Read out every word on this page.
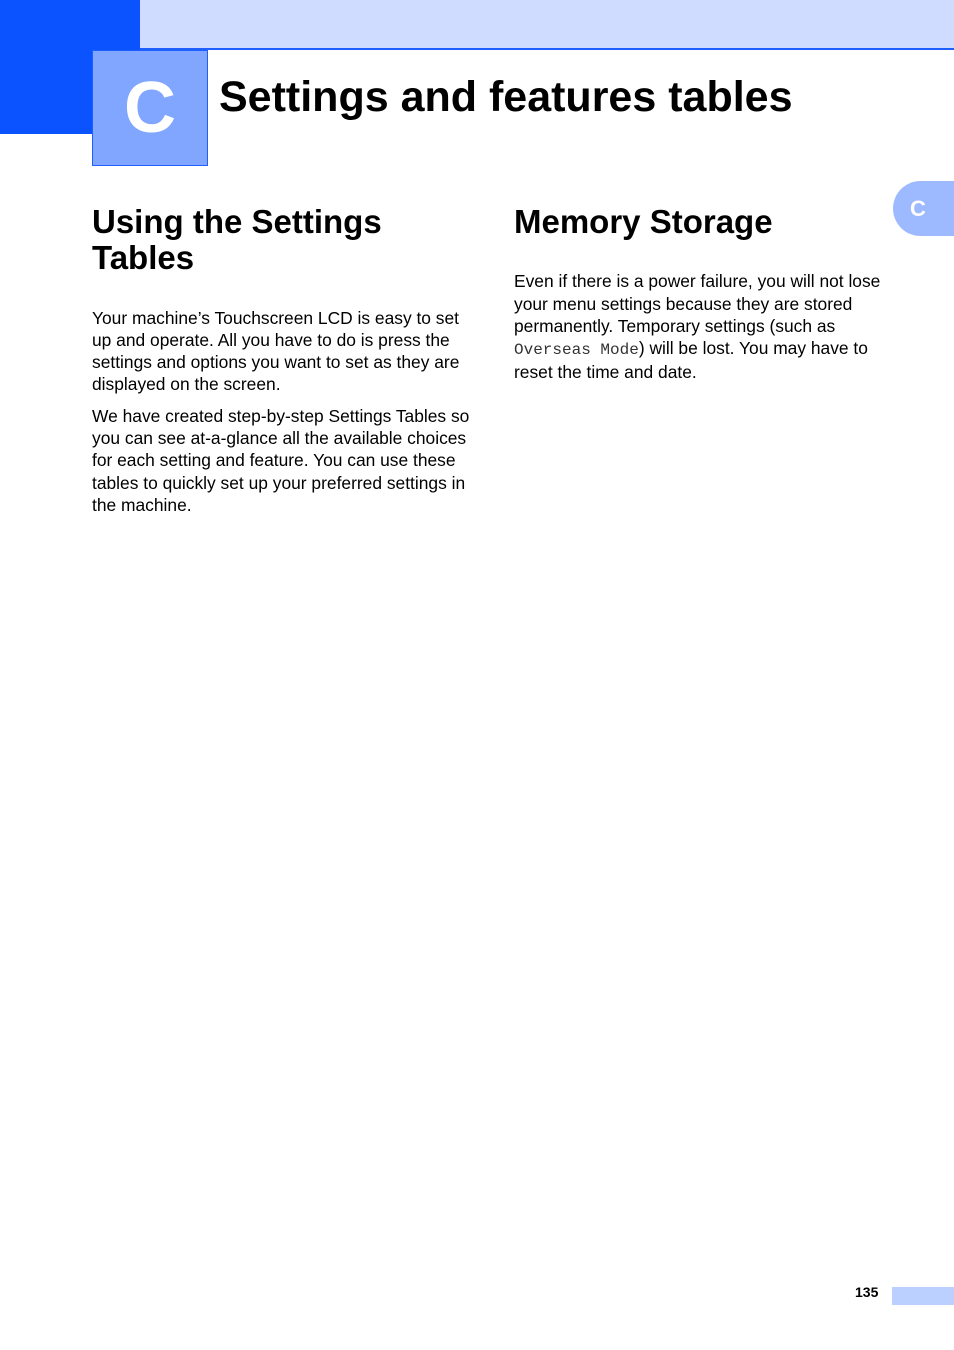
C Settings and features tables
C
Using the Settings Tables

Your machine’s Touchscreen LCD is easy to set up and operate. All you have to do is press the settings and options you want to set as they are displayed on the screen.

We have created step-by-step Settings Tables so you can see at-a-glance all the available choices for each setting and feature. You can use these tables to quickly set up your preferred settings in the machine.

Memory Storage

Even if there is a power failure, you will not lose your menu settings because they are stored permanently. Temporary settings (such as Overseas Mode) will be lost. You may have to reset the time and date.

135
